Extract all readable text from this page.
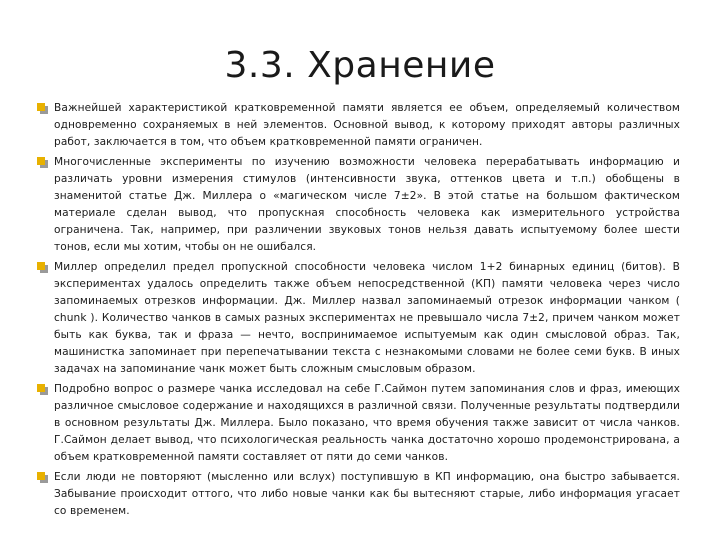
3.3. Хранение
Важнейшей характеристикой кратковременной памяти является ее объем, определяемый количеством одновременно сохраняемых в ней элементов. Основной вывод, к которому приходят авторы различных работ, заключается в том, что объем кратковременной памяти ограничен.
Многочисленные эксперименты по изучению возможности человека перерабатывать информацию и различать уровни измерения стимулов (интенсивности звука, оттенков цвета и т.п.) обобщены в знаменитой статье Дж. Миллера о «магическом числе 7±2». В этой статье на большом фактическом материале сделан вывод, что пропускная способность человека как измерительного устройства ограничена. Так, например, при различении звуковых тонов нельзя давать испытуемому более шести тонов, если мы хотим, чтобы он не ошибался.
Миллер определил предел пропускной способности человека числом 1+2 бинарных единиц (битов). В экспериментах удалось определить также объем непосредственной (КП) памяти человека через число запоминаемых отрезков информации. Дж. Миллер назвал запоминаемый отрезок информации чанком ( chunk ). Количество чанков в самых разных экспериментах не превышало числа 7±2, причем чанком может быть как буква, так и фраза — нечто, воспринимаемое испытуемым как один смысловой образ. Так, машинистка запоминает при перепечатывании текста с незнакомыми словами не более семи букв. В иных задачах на запоминание чанк может быть сложным смысловым образом.
Подробно вопрос о размере чанка исследовал на себе Г.Саймон путем запоминания слов и фраз, имеющих различное смысловое содержание и находящихся в различной связи. Полученные результаты подтвердили в основном результаты Дж. Миллера. Было показано, что время обучения также зависит от числа чанков. Г.Саймон делает вывод, что психологическая реальность чанка достаточно хорошо продемонстрирована, а объем кратковременной памяти составляет от пяти до семи чанков.
Если люди не повторяют (мысленно или вслух) поступившую в КП информацию, она быстро забывается. Забывание происходит оттого, что либо новые чанки как бы вытесняют старые, либо информация угасает со временем.
